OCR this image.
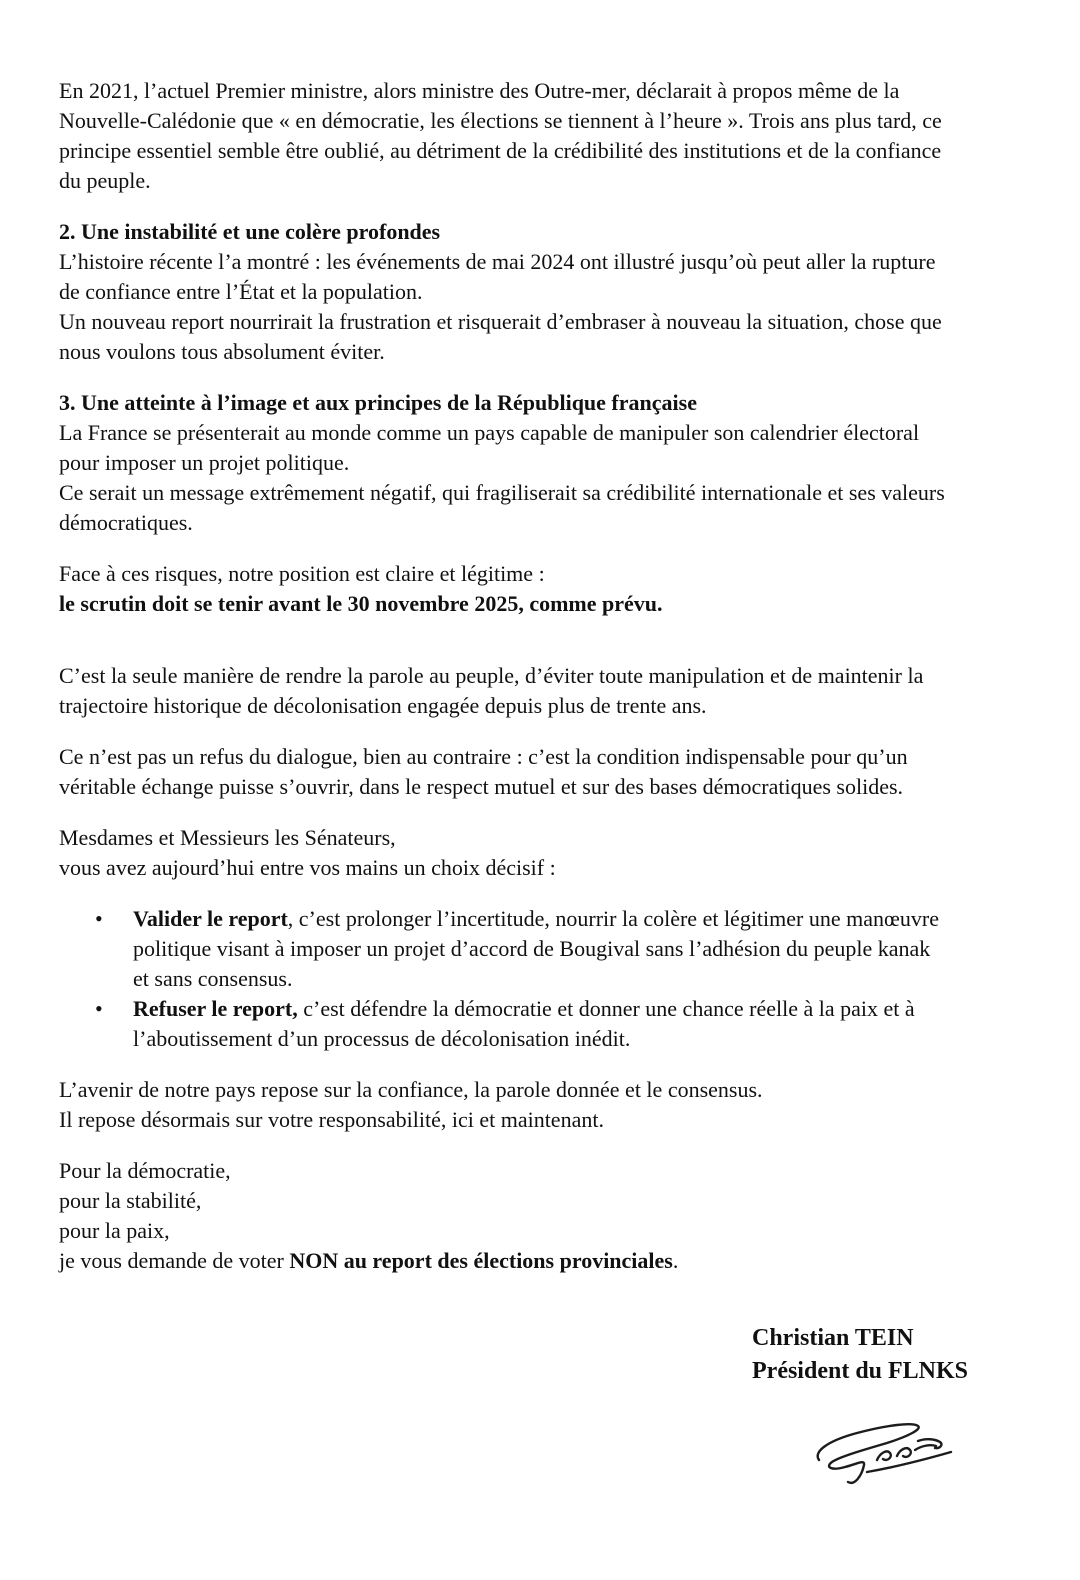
En 2021, l’actuel Premier ministre, alors ministre des Outre-mer, déclarait à propos même de la Nouvelle-Calédonie que « en démocratie, les élections se tiennent à l’heure ». Trois ans plus tard, ce principe essentiel semble être oublié, au détriment de la crédibilité des institutions et de la confiance du peuple.

2. Une instabilité et une colère profondes

L’histoire récente l’a montré : les événements de mai 2024 ont illustré jusqu’où peut aller la rupture de confiance entre l’État et la population.

Un nouveau report nourrirait la frustration et risquerait d’embraser à nouveau la situation, chose que nous voulons tous absolument éviter.

3. Une atteinte à l’image et aux principes de la République française

La France se présenterait au monde comme un pays capable de manipuler son calendrier électoral pour imposer un projet politique.

Ce serait un message extrêmement négatif, qui fragiliserait sa crédibilité internationale et ses valeurs démocratiques.

Face à ces risques, notre position est claire et légitime :

le scrutin doit se tenir avant le 30 novembre 2025, comme prévu.

C’est la seule manière de rendre la parole au peuple, d’éviter toute manipulation et de maintenir la trajectoire historique de décolonisation engagée depuis plus de trente ans.

Ce n’est pas un refus du dialogue, bien au contraire : c’est la condition indispensable pour qu’un véritable échange puisse s’ouvrir, dans le respect mutuel et sur des bases démocratiques solides.

Mesdames et Messieurs les Sénateurs,

vous avez aujourd’hui entre vos mains un choix décisif :

• Valider le report, c’est prolonger l’incertitude, nourrir la colère et légitimer une manœuvre politique visant à imposer un projet d’accord de Bougival sans l’adhésion du peuple kanak et sans consensus.
• Refuser le report, c’est défendre la démocratie et donner une chance réelle à la paix et à l’aboutissement d’un processus de décolonisation inédit.

L’avenir de notre pays repose sur la confiance, la parole donnée et le consensus.

Il repose désormais sur votre responsabilité, ici et maintenant.

Pour la démocratie,

pour la stabilité,

pour la paix,

je vous demande de voter NON au report des élections provinciales.

Christian TEIN
Président du FLNKS
